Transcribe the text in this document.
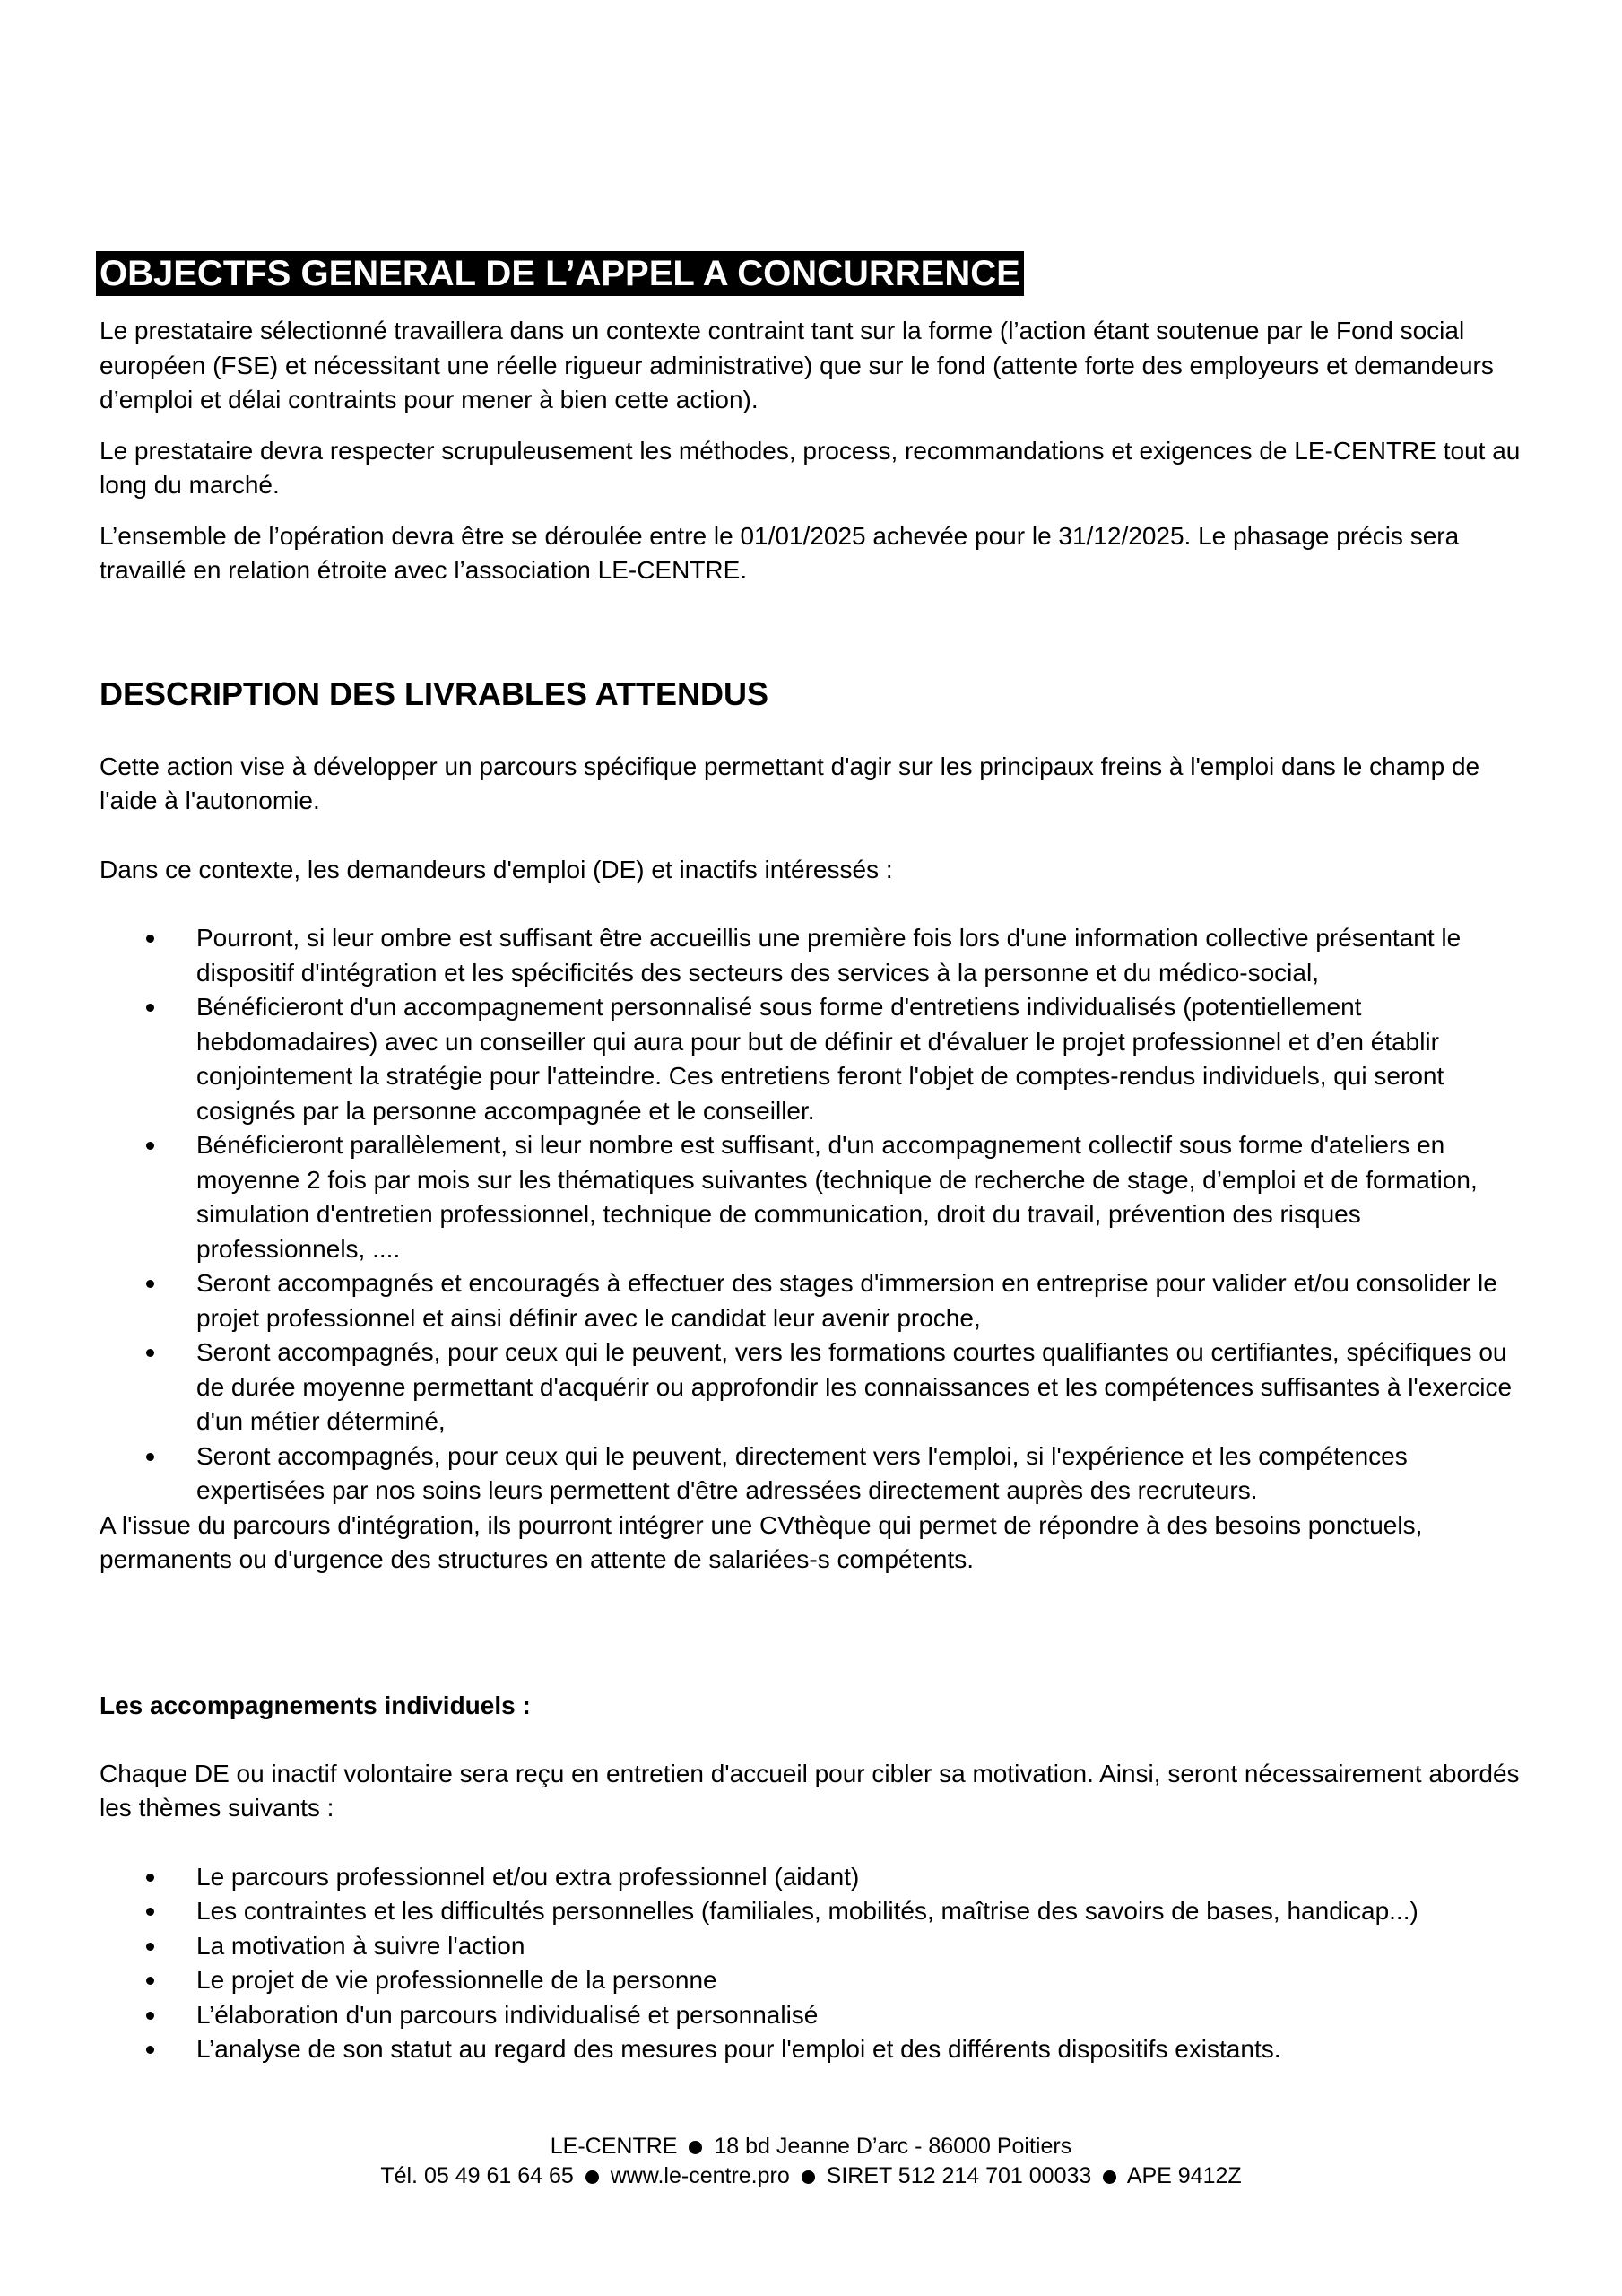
OBJECTFS GENERAL DE L’APPEL A CONCURRENCE

Le prestataire sélectionné travaillera dans un contexte contraint tant sur la forme (l’action étant soutenue par le Fond social européen (FSE) et nécessitant une réelle rigueur administrative) que sur le fond (attente forte des employeurs et demandeurs d’emploi et délai contraints pour mener à bien cette action).

Le prestataire devra respecter scrupuleusement les méthodes, process, recommandations et exigences de LE-CENTRE tout au long du marché.

L’ensemble de l’opération devra être se déroulée entre le 01/01/2025 achevée pour le 31/12/2025. Le phasage précis sera travaillé en relation étroite avec l’association LE-CENTRE.

DESCRIPTION DES LIVRABLES ATTENDUS

Cette action vise à développer un parcours spécifique permettant d'agir sur les principaux freins à l'emploi dans le champ de l'aide à l'autonomie.

Dans ce contexte, les demandeurs d'emploi (DE) et inactifs intéressés :

Pourront, si leur ombre est suffisant être accueillis une première fois lors d'une information collective présentant le dispositif d'intégration et les spécificités des secteurs des services à la personne et du médico-social,
Bénéficieront d'un accompagnement personnalisé sous forme d'entretiens individualisés (potentiellement hebdomadaires) avec un conseiller qui aura pour but de définir et d'évaluer le projet professionnel et d’en établir conjointement la stratégie pour l'atteindre. Ces entretiens feront l'objet de comptes-rendus individuels, qui seront cosignés par la personne accompagnée et le conseiller.
Bénéficieront parallèlement, si leur nombre est suffisant, d'un accompagnement collectif sous forme d'ateliers en moyenne 2 fois par mois sur les thématiques suivantes (technique de recherche de stage, d’emploi et de formation, simulation d'entretien professionnel, technique de communication, droit du travail, prévention des risques professionnels, ....
Seront accompagnés et encouragés à effectuer des stages d'immersion en entreprise pour valider et/ou consolider le projet professionnel et ainsi définir avec le candidat leur avenir proche,
Seront accompagnés, pour ceux qui le peuvent, vers les formations courtes qualifiantes ou certifiantes, spécifiques ou de durée moyenne permettant d'acquérir ou approfondir les connaissances et les compétences suffisantes à l'exercice d'un métier déterminé,
Seront accompagnés, pour ceux qui le peuvent, directement vers l'emploi, si l'expérience et les compétences expertisées par nos soins leurs permettent d'être adressées directement auprès des recruteurs.

A l'issue du parcours d'intégration, ils pourront intégrer une CVthèque qui permet de répondre à des besoins ponctuels, permanents ou d'urgence des structures en attente de salariées-s compétents.

Les accompagnements individuels :

Chaque DE ou inactif volontaire sera reçu en entretien d'accueil pour cibler sa motivation. Ainsi, seront nécessairement abordés les thèmes suivants :

Le parcours professionnel et/ou extra professionnel (aidant)
Les contraintes et les difficultés personnelles (familiales, mobilités, maîtrise des savoirs de bases, handicap...)
La motivation à suivre l'action
Le projet de vie professionnelle de la personne
L’élaboration d'un parcours individualisé et personnalisé
L’analyse de son statut au regard des mesures pour l'emploi et des différents dispositifs existants.
LE-CENTRE 18 bd Jeanne D’arc - 86000 Poitiers
Tél. 05 49 61 64 65 www.le-centre.pro SIRET 512 214 701 00033 APE 9412Z
